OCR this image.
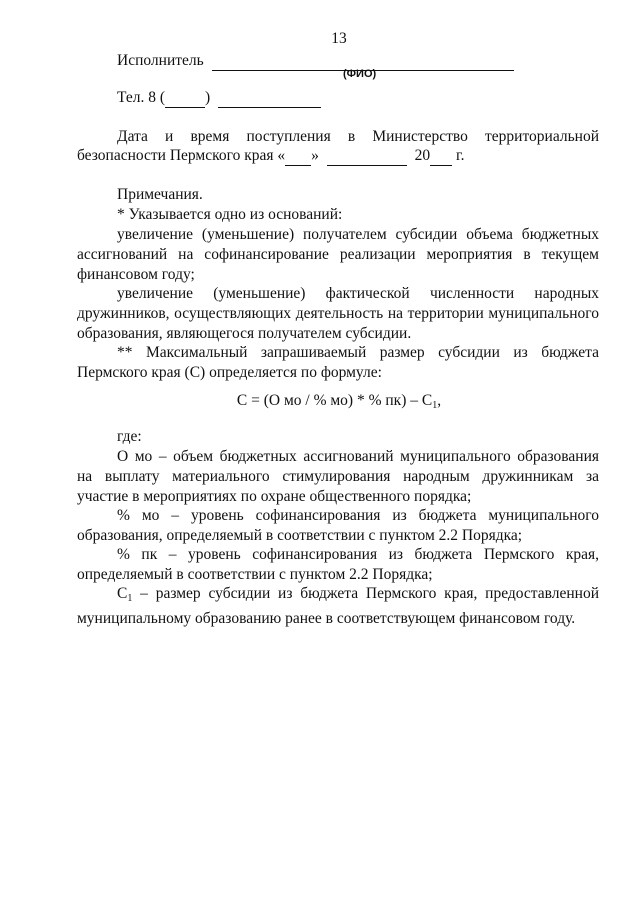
13
Исполнитель
(ФИО)
Тел. 8 (	)
Дата и время поступления в Министерство территориальной
безопасности Пермского края « »	20 г.
Примечания.
* Указывается одно из оснований:
увеличение (уменьшение) получателем субсидии объема бюджетных ассигнований на софинансирование реализации мероприятия в текущем финансовом году;
увеличение (уменьшение) фактической численности народных дружинников, осуществляющих деятельность на территории муниципального образования, являющегося получателем субсидии.
** Максимальный запрашиваемый размер субсидии из бюджета Пермского края (С) определяется по формуле:
С = (О мо / % мо) * % $пк) - С_1$,
где:
О мо – объем бюджетных ассигнований муниципального образования на выплату материального стимулирования народным дружинникам за участие в мероприятиях по охране общественного порядка;
% мо – уровень софинансирования из бюджета муниципального образования, определяемый в соответствии с пунктом 2.2 Порядка;
% пк – уровень софинансирования из бюджета Пермского края, определяемый в соответствии с пунктом 2.2 Порядка;
$С_1$ – размер субсидии из бюджета Пермского края, предоставленной муниципальному образованию ранее в соответствующем финансовом году.
